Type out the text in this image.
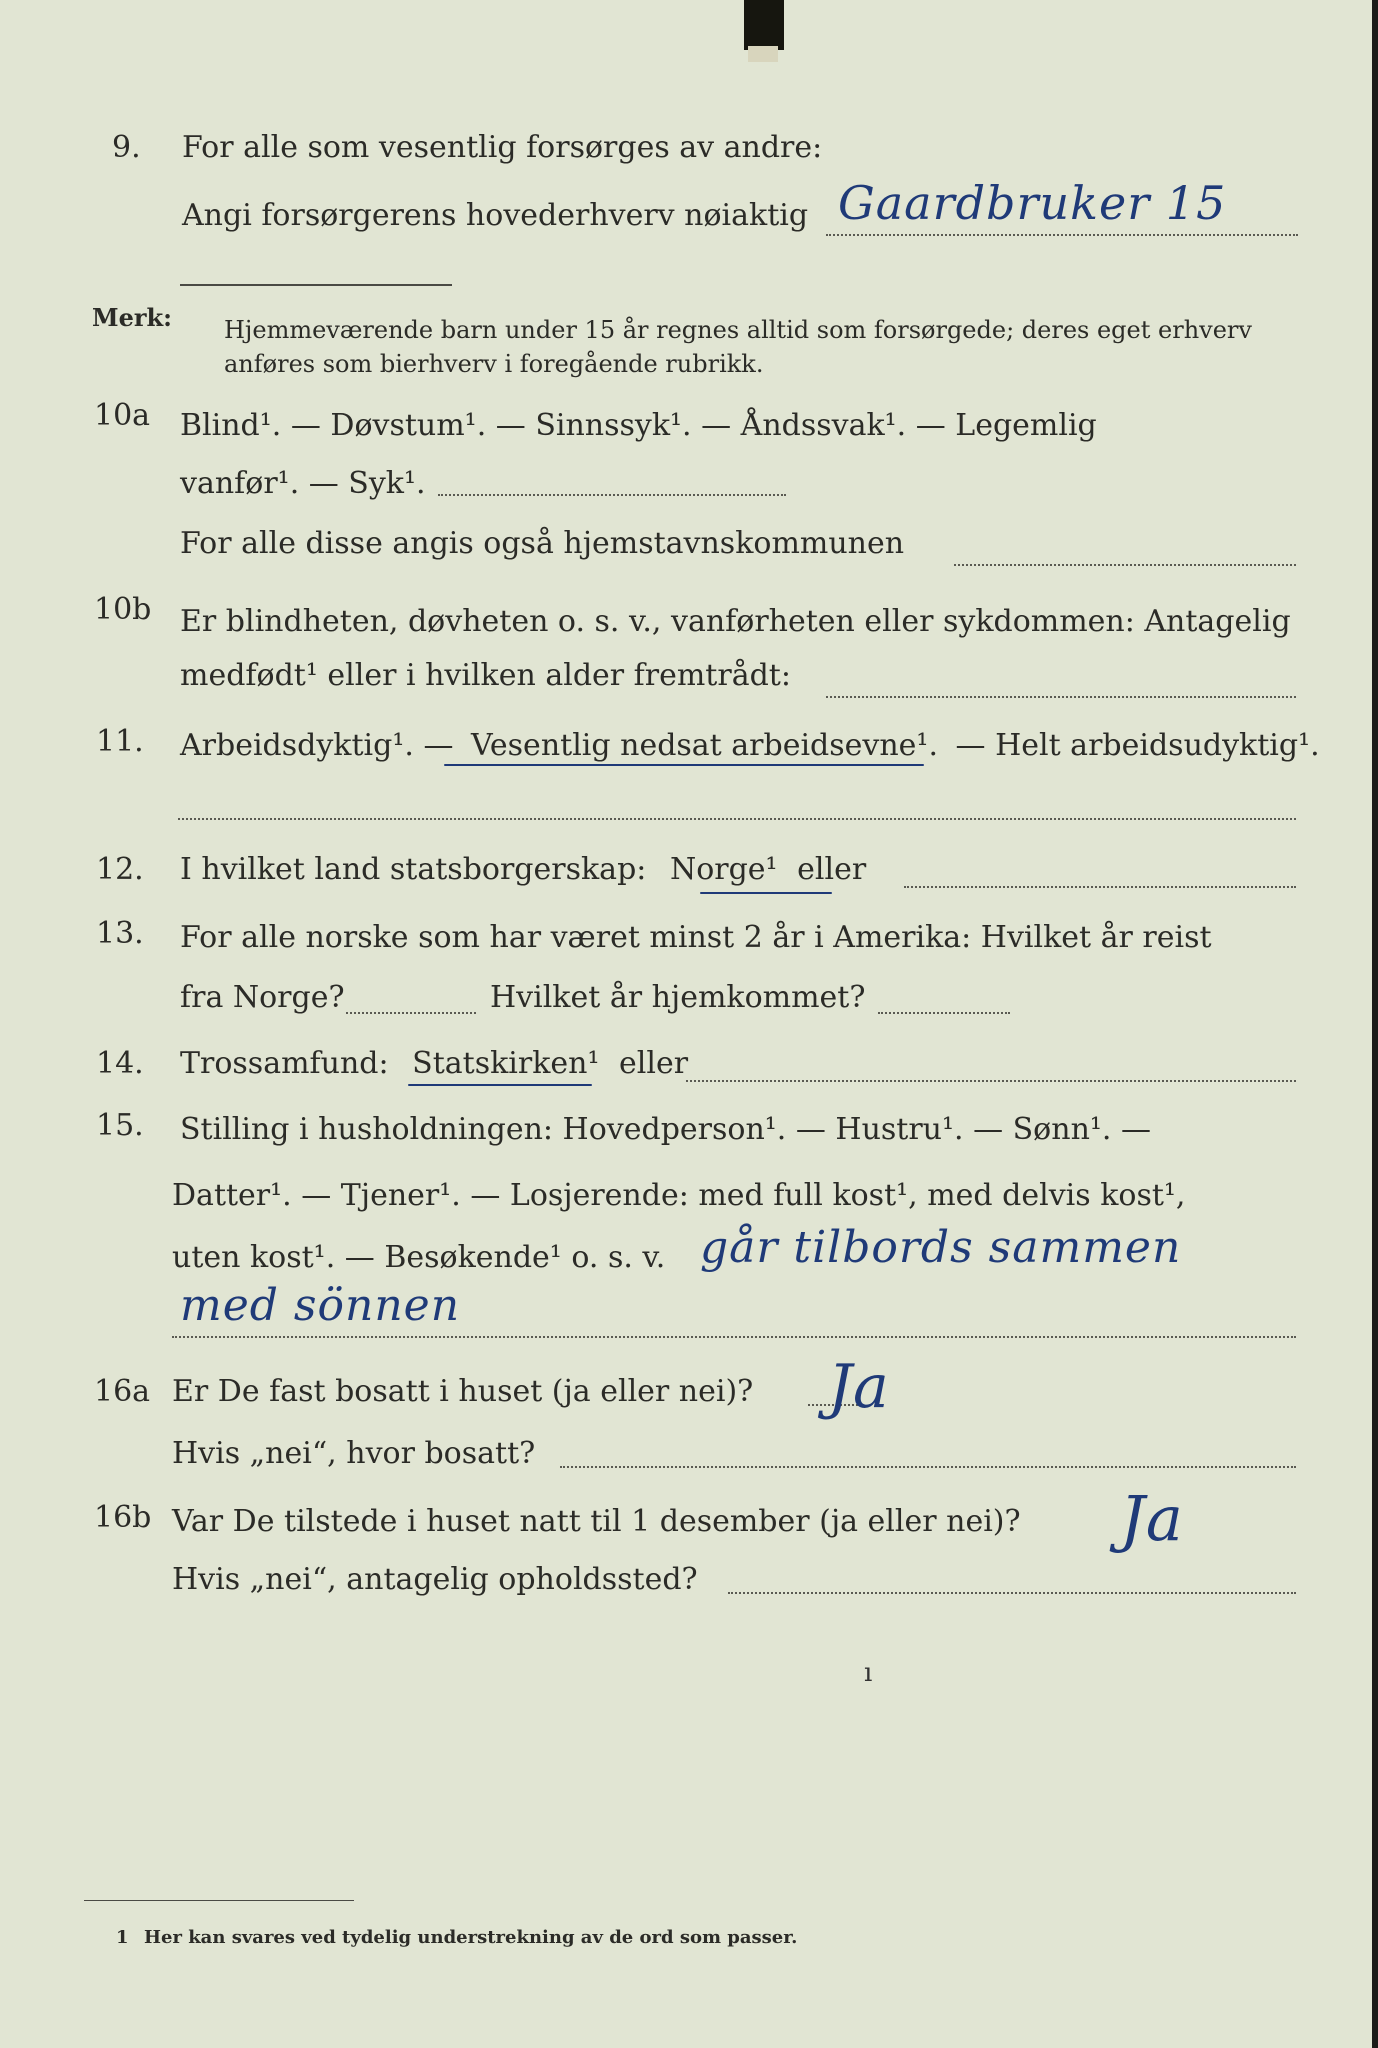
9. For alle som vesentlig forsørges av andre:
Angi forsørgerens hovederhverv nøiaktig Gaardbruker 15
Merk: Hjemmeværende barn under 15 år regnes alltid som forsørgede; deres eget erhverv
anføres som bierhverv i foregående rubrikk.
10a Blind¹. — Døvstum¹. — Sinnssyk¹. — Åndssvak¹. — Legemlig
vanfør¹. — Syk¹.
For alle disse angis også hjemstavnskommunen
10b Er blindheten, døvheten o. s. v., vanførheten eller sykdommen: Antagelig
medfødt¹ eller i hvilken alder fremtrådt:
11. Arbeidsdyktig¹. — Vesentlig nedsat arbeidsevne¹. — Helt arbeidsudyktig¹.
12. I hvilket land statsborgerskap: Norge¹ eller
13. For alle norske som har været minst 2 år i Amerika: Hvilket år reist
fra Norge?	Hvilket år hjemkommet?
14. Trossamfund: Statskirken¹ eller
15. Stilling i husholdningen: Hovedperson¹. — Hustru¹. — Sønn¹. —
Datter¹. — Tjener¹. — Losjerende: med full kost¹, med delvis kost¹,
uten kost¹. — Besøkende¹ o. s. v. går tilbords sammen
med sönnen
16a Er De fast bosatt i huset (ja eller nei)? Ja
Hvis „nei“, hvor bosatt?
16b Var De tilstede i huset natt til 1 desember (ja eller nei)? Ja
Hvis „nei“, antagelig opholdssted?
ı
1 Her kan svares ved tydelig understrekning av de ord som passer.
